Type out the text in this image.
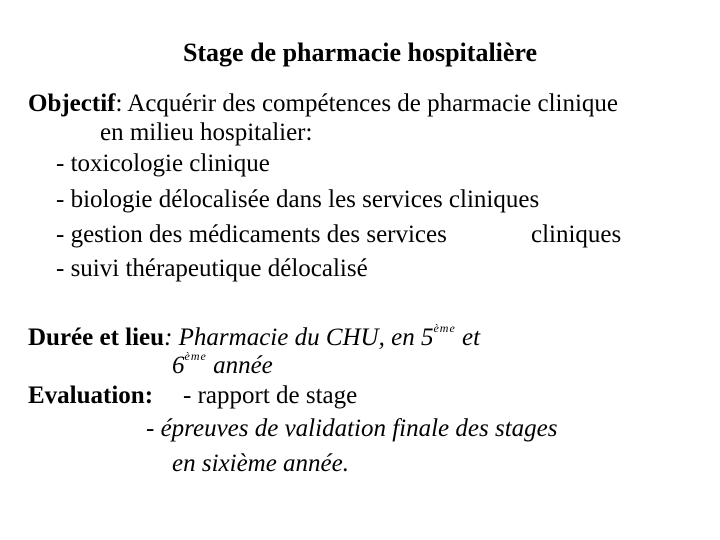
Stage de pharmacie hospitalière
Objectif: Acquérir des compétences de pharmacie clinique
en milieu hospitalier:
- toxicologie clinique
- biologie délocalisée dans les services cliniques
- gestion des médicaments des services	cliniques
- suivi thérapeutique délocalisé
Durée et lieu: Pharmacie du CHU, en 5ème et
6ème année
Evaluation: - rapport de stage
- épreuves de validation finale des stages
en sixième année.
